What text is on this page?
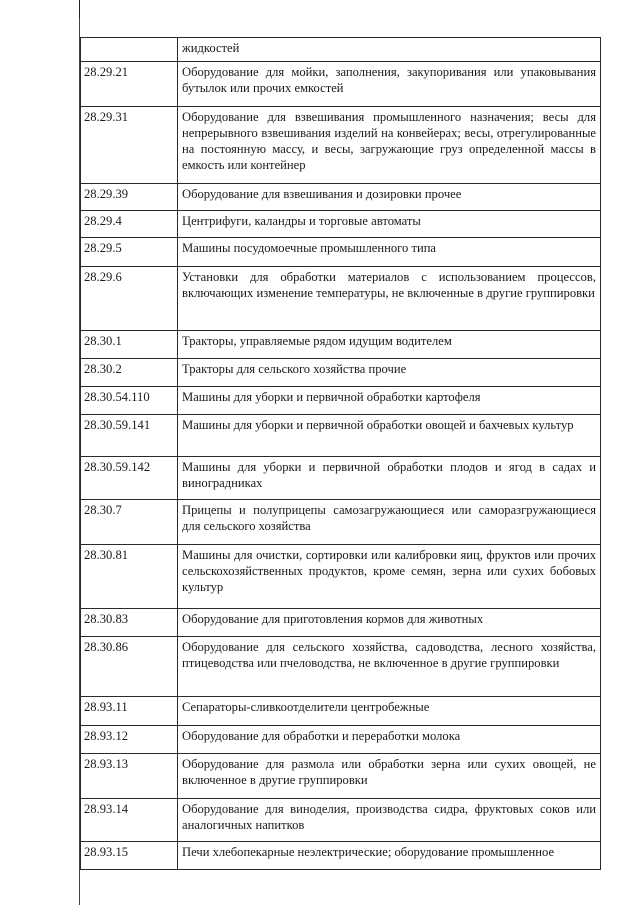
	жидкостей

28.29.21	Оборудование для мойки, заполнения, закупоривания или упаковывания бутылок или прочих емкостей

28.29.31	Оборудование для взвешивания промышленного назначения; весы для непрерывного взвешивания изделий на конвейерах; весы, отрегулированные на постоянную массу, и весы, загружающие груз определенной массы в емкость или контейнер

28.29.39	Оборудование для взвешивания и дозировки прочее

28.29.4	Центрифуги, каландры и торговые автоматы

28.29.5	Машины посудомоечные промышленного типа

28.29.6	Установки для обработки материалов с использованием процессов, включающих изменение температуры, не включенные в другие группировки

28.30.1	Тракторы, управляемые рядом идущим водителем

28.30.2	Тракторы для сельского хозяйства прочие

28.30.54.110	Машины для уборки и первичной обработки картофеля

28.30.59.141	Машины для уборки и первичной обработки овощей и бахчевых культур

28.30.59.142	Машины для уборки и первичной обработки плодов и ягод в садах и виноградниках

28.30.7	Прицепы и полуприцепы самозагружающиеся или саморазгружающиеся для сельского хозяйства

28.30.81	Машины для очистки, сортировки или калибровки яиц, фруктов или прочих сельскохозяйственных продуктов, кроме семян, зерна или сухих бобовых культур

28.30.83	Оборудование для приготовления кормов для животных

28.30.86	Оборудование для сельского хозяйства, садоводства, лесного хозяйства, птицеводства или пчеловодства, не включенное в другие группировки

28.93.11	Сепараторы-сливкоотделители центробежные

28.93.12	Оборудование для обработки и переработки молока

28.93.13	Оборудование для размола или обработки зерна или сухих овощей, не включенное в другие группировки

28.93.14	Оборудование для виноделия, производства сидра, фруктовых соков или аналогичных напитков

28.93.15	Печи хлебопекарные неэлектрические; оборудование промышленное
